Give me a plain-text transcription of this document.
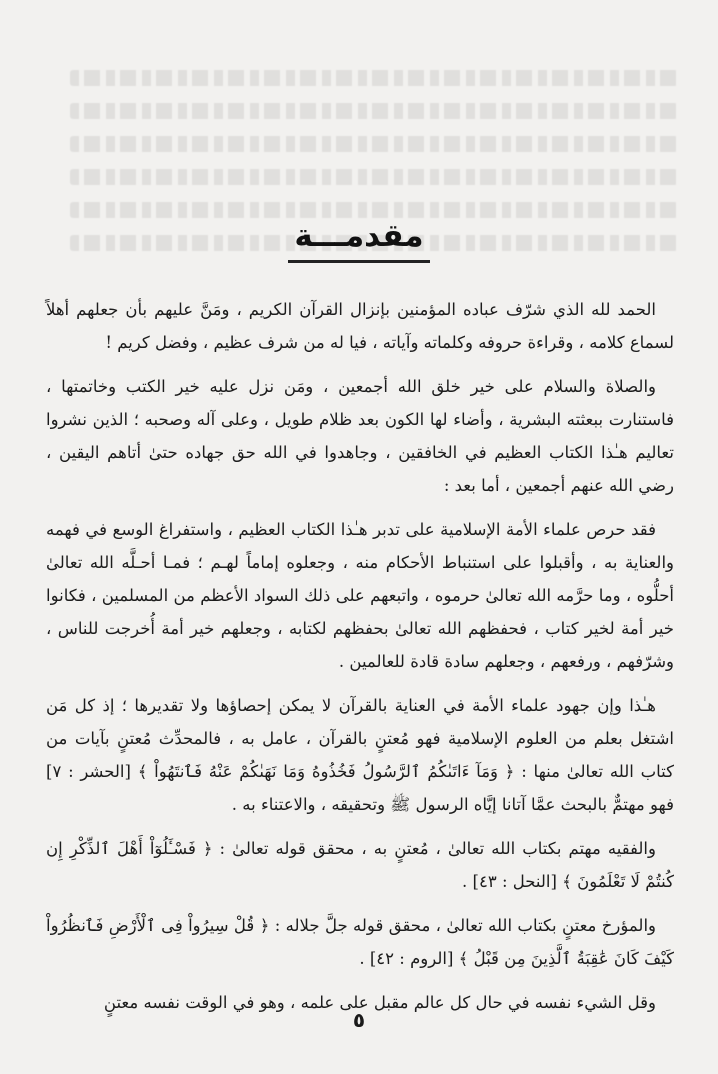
مقدمـــة

الحمد لله الذي شرّف عباده المؤمنين بإنزال القرآن الكريم ، ومَنَّ عليهم بأن جعلهم أهلاً لسماع كلامه ، وقراءة حروفه وكلماته وآياته ، فيا له من شرف عظيم ، وفضل كريم !

والصلاة والسلام على خير خلق الله أجمعين ، ومَن نزل عليه خير الكتب وخاتمتها ، فاستنارت ببعثته البشرية ، وأضاء لها الكون بعد ظلام طويل ، وعلى آله وصحبه ؛ الذين نشروا تعاليم هـٰذا الكتاب العظيم في الخافقين ، وجاهدوا في الله حق جهاده حتىٰ أتاهم اليقين ، رضي الله عنهم أجمعين ، أما بعد :

فقد حرص علماء الأمة الإسلامية على تدبر هـٰذا الكتاب العظيم ، واستفراغ الوسع في فهمه والعناية به ، وأقبلوا على استنباط الأحكام منه ، وجعلوه إماماً لهـم ؛ فمـا أحـلَّه الله تعالىٰ أحلُّوه ، وما حرَّمه الله تعالىٰ حرموه ، واتبعهم على ذلك السواد الأعظم من المسلمين ، فكانوا خير أمة لخير كتاب ، فحفظهم الله تعالىٰ بحفظهم لكتابه ، وجعلهم خير أمة أُخرجت للناس ، وشرّفهم ، ورفعهم ، وجعلهم سادة قادة للعالمين .

هـٰذا وإن جهود علماء الأمة في العناية بالقرآن لا يمكن إحصاؤها ولا تقديرها ؛ إذ كل مَن اشتغل بعلم من العلوم الإسلامية فهو مُعتنٍ بالقرآن ، عامل به ، فالمحدِّث مُعتنٍ بآيات من كتاب الله تعالىٰ منها : ﴿ وَمَآ ءَاتَىٰكُمُ ٱلرَّسُولُ فَخُذُوهُ وَمَا نَهَىٰكُمْ عَنْهُ فَٱنتَهُواْ ﴾ [الحشر : ٧] فهو مهتمٌّ بالبحث عمَّا آتانا إيَّاه الرسول ﷺ وتحقيقه ، والاعتناء به .

والفقيه مهتم بكتاب الله تعالىٰ ، مُعتنٍ به ، محقق قوله تعالىٰ : ﴿ فَسْـَٔلُوٓاْ أَهْلَ ٱلذِّكْرِ إِن كُنتُمْ لَا تَعْلَمُونَ ﴾ [النحل : ٤٣] .

والمؤرخ معتنٍ بكتاب الله تعالىٰ ، محقق قوله جلَّ جلاله : ﴿ قُلْ سِيرُواْ فِى ٱلْأَرْضِ فَٱنظُرُواْ كَيْفَ كَانَ عَٰقِبَةُ ٱلَّذِينَ مِن قَبْلُ ﴾ [الروم : ٤٢] .

وقل الشيء نفسه في حال كل عالم مقبل على علمه ، وهو في الوقت نفسه معتنٍ

٥
